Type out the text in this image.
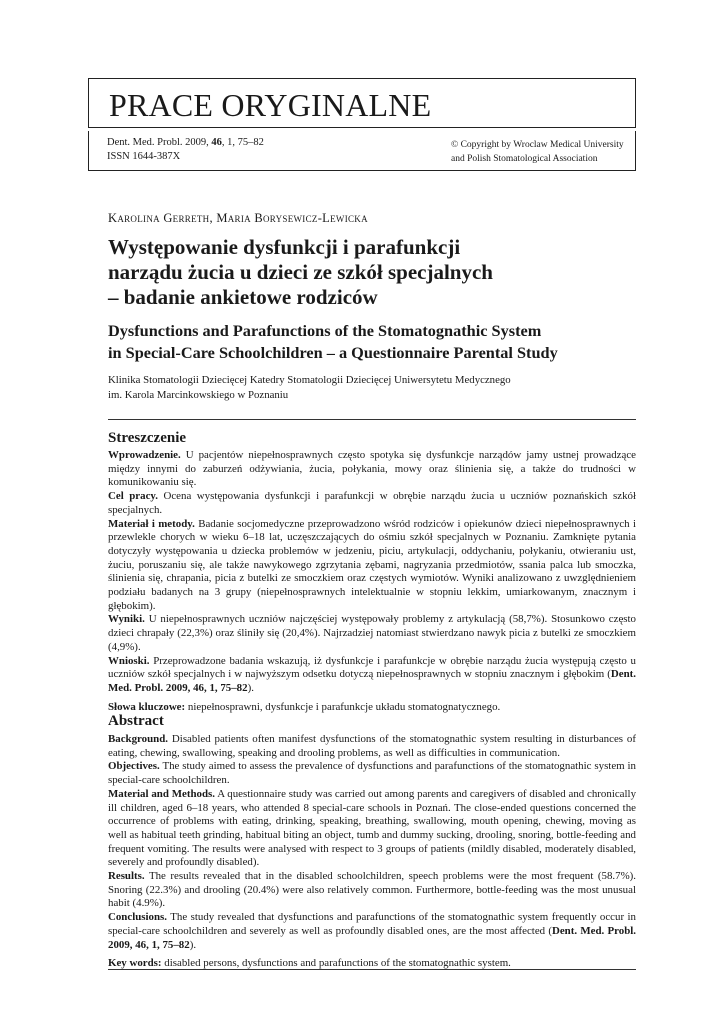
PRACE ORYGINALNE
Dent. Med. Probl. 2009, 46, 1, 75–82
ISSN 1644-387X
© Copyright by Wroclaw Medical University
and Polish Stomatological Association
Karolina Gerreth, Maria Borysewicz-Lewicka
Występowanie dysfunkcji i parafunkcji
narządu żucia u dzieci ze szkół specjalnych
– badanie ankietowe rodziców
Dysfunctions and Parafunctions of the Stomatognathic System
in Special-Care Schoolchildren – a Questionnaire Parental Study
Klinika Stomatologii Dziecięcej Katedry Stomatologii Dziecięcej Uniwersytetu Medycznego
im. Karola Marcinkowskiego w Poznaniu
Streszczenie

Wprowadzenie. U pacjentów niepełnosprawnych często spotyka się dysfunkcje narządów jamy ustnej prowadzące między innymi do zaburzeń odżywiania, żucia, połykania, mowy oraz ślinienia się, a także do trudności w komunikowaniu się.

Cel pracy. Ocena występowania dysfunkcji i parafunkcji w obrębie narządu żucia u uczniów poznańskich szkół specjalnych.

Materiał i metody. Badanie socjomedyczne przeprowadzono wśród rodziców i opiekunów dzieci niepełnosprawnych i przewlekle chorych w wieku 6–18 lat, uczęszczających do ośmiu szkół specjalnych w Poznaniu. Zamknięte pytania dotyczyły występowania u dziecka problemów w jedzeniu, piciu, artykulacji, oddychaniu, połykaniu, otwieraniu ust, żuciu, poruszaniu się, ale także nawykowego zgrzytania zębami, nagryzania przedmiotów, ssania palca lub smoczka, ślinienia się, chrapania, picia z butelki ze smoczkiem oraz częstych wymiotów. Wyniki analizowano z uwzględnieniem podziału badanych na 3 grupy (niepełnosprawnych intelektualnie w stopniu lekkim, umiarkowanym, znacznym i głębokim).

Wyniki. U niepełnosprawnych uczniów najczęściej występowały problemy z artykulacją (58,7%). Stosunkowo często dzieci chrapały (22,3%) oraz śliniły się (20,4%). Najrzadziej natomiast stwierdzano nawyk picia z butelki ze smoczkiem (4,9%).

Wnioski. Przeprowadzone badania wskazują, iż dysfunkcje i parafunkcje w obrębie narządu żucia występują często u uczniów szkół specjalnych i w najwyższym odsetku dotyczą niepełnosprawnych w stopniu znacznym i głębokim (Dent. Med. Probl. 2009, 46, 1, 75–82).

Słowa kluczowe: niepełnosprawni, dysfunkcje i parafunkcje układu stomatognatycznego.

Abstract

Background. Disabled patients often manifest dysfunctions of the stomatognathic system resulting in disturbances of eating, chewing, swallowing, speaking and drooling problems, as well as difficulties in communication.

Objectives. The study aimed to assess the prevalence of dysfunctions and parafunctions of the stomatognathic system in special-care schoolchildren.

Material and Methods. A questionnaire study was carried out among parents and caregivers of disabled and chronically ill children, aged 6–18 years, who attended 8 special-care schools in Poznań. The close-ended questions concerned the occurrence of problems with eating, drinking, speaking, breathing, swallowing, mouth opening, chewing, moving as well as habitual teeth grinding, habitual biting an object, tumb and dummy sucking, drooling, snoring, bottle-feeding and frequent vomiting. The results were analysed with respect to 3 groups of patients (mildly disabled, moderately disabled, severely and profoundly disabled).

Results. The results revealed that in the disabled schoolchildren, speech problems were the most frequent (58.7%). Snoring (22.3%) and drooling (20.4%) were also relatively common. Furthermore, bottle-feeding was the most unusual habit (4.9%).

Conclusions. The study revealed that dysfunctions and parafunctions of the stomatognathic system frequently occur in special-care schoolchildren and severely as well as profoundly disabled ones, are the most affected (Dent. Med. Probl. 2009, 46, 1, 75–82).

Key words: disabled persons, dysfunctions and parafunctions of the stomatognathic system.
